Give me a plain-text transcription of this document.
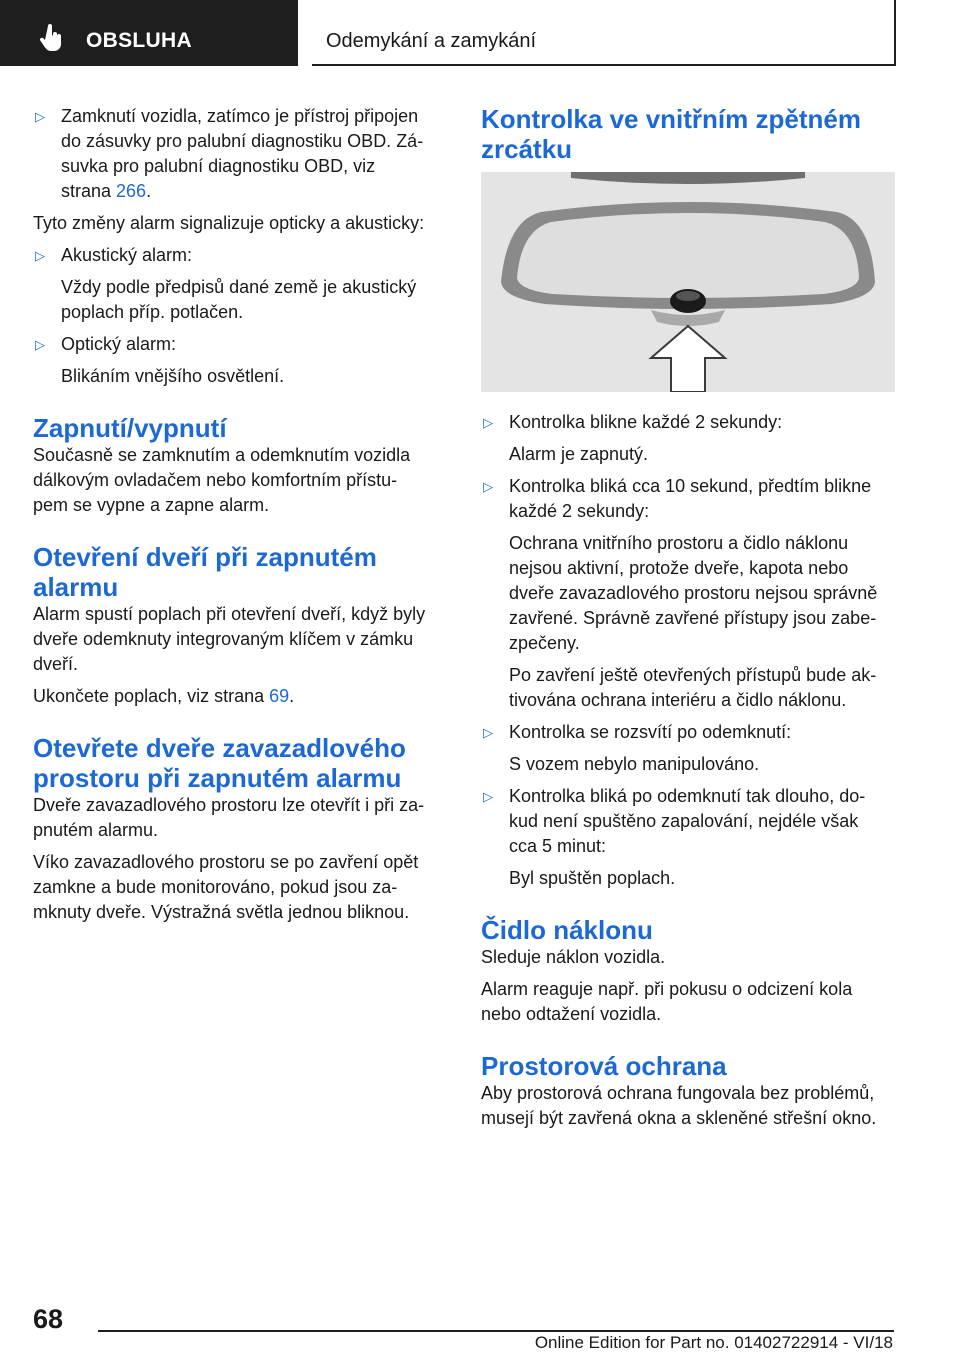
OBSLUHA	Odemykání a zamykání
▷ Zamknutí vozidla, zatímco je přístroj připojen
do zásuvky pro palubní diagnostiku OBD. Zá‐
suvka pro palubní diagnostiku OBD, viz
strana 266.

Tyto změny alarm signalizuje opticky a akusticky:

▷ Akustický alarm:
Vždy podle předpisů dané země je akustický
poplach příp. potlačen.
▷ Optický alarm:
Blikáním vnějšího osvětlení.
Zapnutí/vypnutí

Současně se zamknutím a odemknutím vozidla
dálkovým ovladačem nebo komfortním přístu‐
pem se vypne a zapne alarm.

Otevření dveří při zapnutém
alarmu

Alarm spustí poplach při otevření dveří, když byly
dveře odemknuty integrovaným klíčem v zámku
dveří.

Ukončete poplach, viz strana 69.

Otevřete dveře zavazadlového
prostoru při zapnutém alarmu

Dveře zavazadlového prostoru lze otevřít i při za‐
pnutém alarmu.

Víko zavazadlového prostoru se po zavření opět
zamkne a bude monitorováno, pokud jsou za‐
mknuty dveře. Výstražná světla jednou bliknou.

Kontrolka ve vnitřním zpětném
zrcátku
▷ Kontrolka blikne každé 2 sekundy:
Alarm je zapnutý.
▷ Kontrolka bliká cca 10 sekund, předtím blikne
každé 2 sekundy:
Ochrana vnitřního prostoru a čidlo náklonu
nejsou aktivní, protože dveře, kapota nebo
dveře zavazadlového prostoru nejsou správně
zavřené. Správně zavřené přístupy jsou zabe‐
zpečeny.
Po zavření ještě otevřených přístupů bude ak‐
tivována ochrana interiéru a čidlo náklonu.
▷ Kontrolka se rozsvítí po odemknutí:
S vozem nebylo manipulováno.
▷ Kontrolka bliká po odemknutí tak dlouho, do‐
kud není spuštěno zapalování, nejdéle však
cca 5 minut:
Byl spuštěn poplach.
Čidlo náklonu

Sleduje náklon vozidla.

Alarm reaguje např. při pokusu o odcizení kola
nebo odtažení vozidla.

Prostorová ochrana

Aby prostorová ochrana fungovala bez problémů,
musejí být zavřená okna a skleněné střešní okno.

68
Online Edition for Part no. 01402722914 - VI/18
